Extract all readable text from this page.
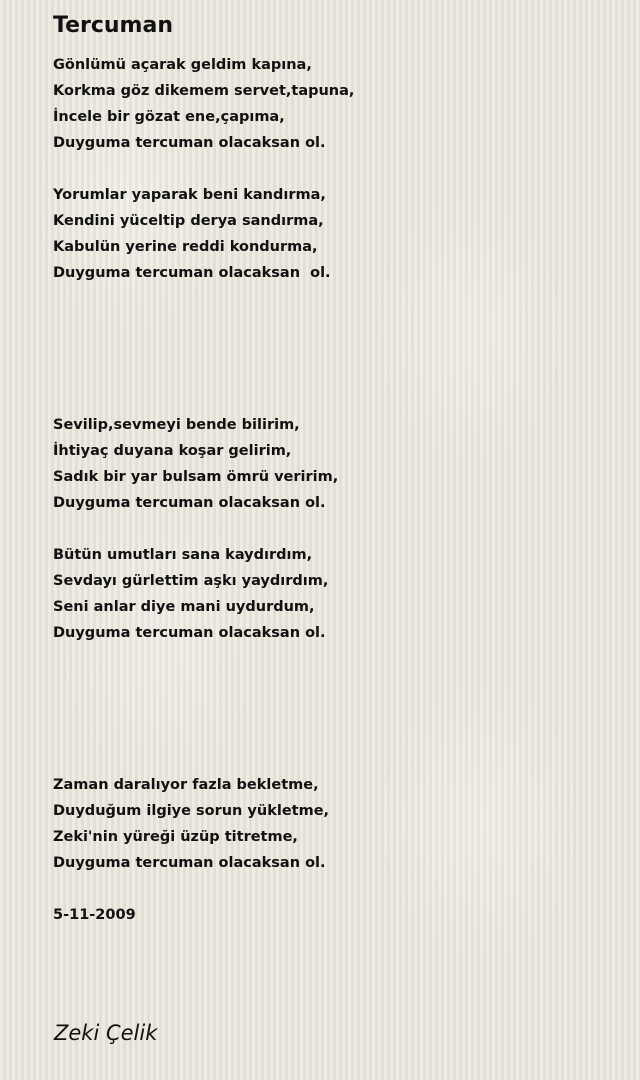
Tercuman
Gönlümü açarak geldim kapına,
Korkma göz dikemem servet,tapuna,
İncele bir gözat ene,çapıma,
Duyguma tercuman olacaksan ol.
Yorumlar yaparak beni kandırma,
Kendini yüceltip derya sandırma,
Kabulün yerine reddi kondurma,
Duyguma tercuman olacaksan  ol.
Sevilip,sevmeyi bende bilirim,
İhtiyaç duyana koşar gelirim,
Sadık bir yar bulsam ömrü veririm,
Duyguma tercuman olacaksan ol.
Bütün umutları sana kaydırdım,
Sevdayı gürlettim aşkı yaydırdım,
Seni anlar diye mani uydurdum,
Duyguma tercuman olacaksan ol.
Zaman daralıyor fazla bekletme,
Duyduğum ilgiye sorun yükletme,
Zeki'nin yüreği üzüp titretme,
Duyguma tercuman olacaksan ol.
5-11-2009
Zeki Çelik
